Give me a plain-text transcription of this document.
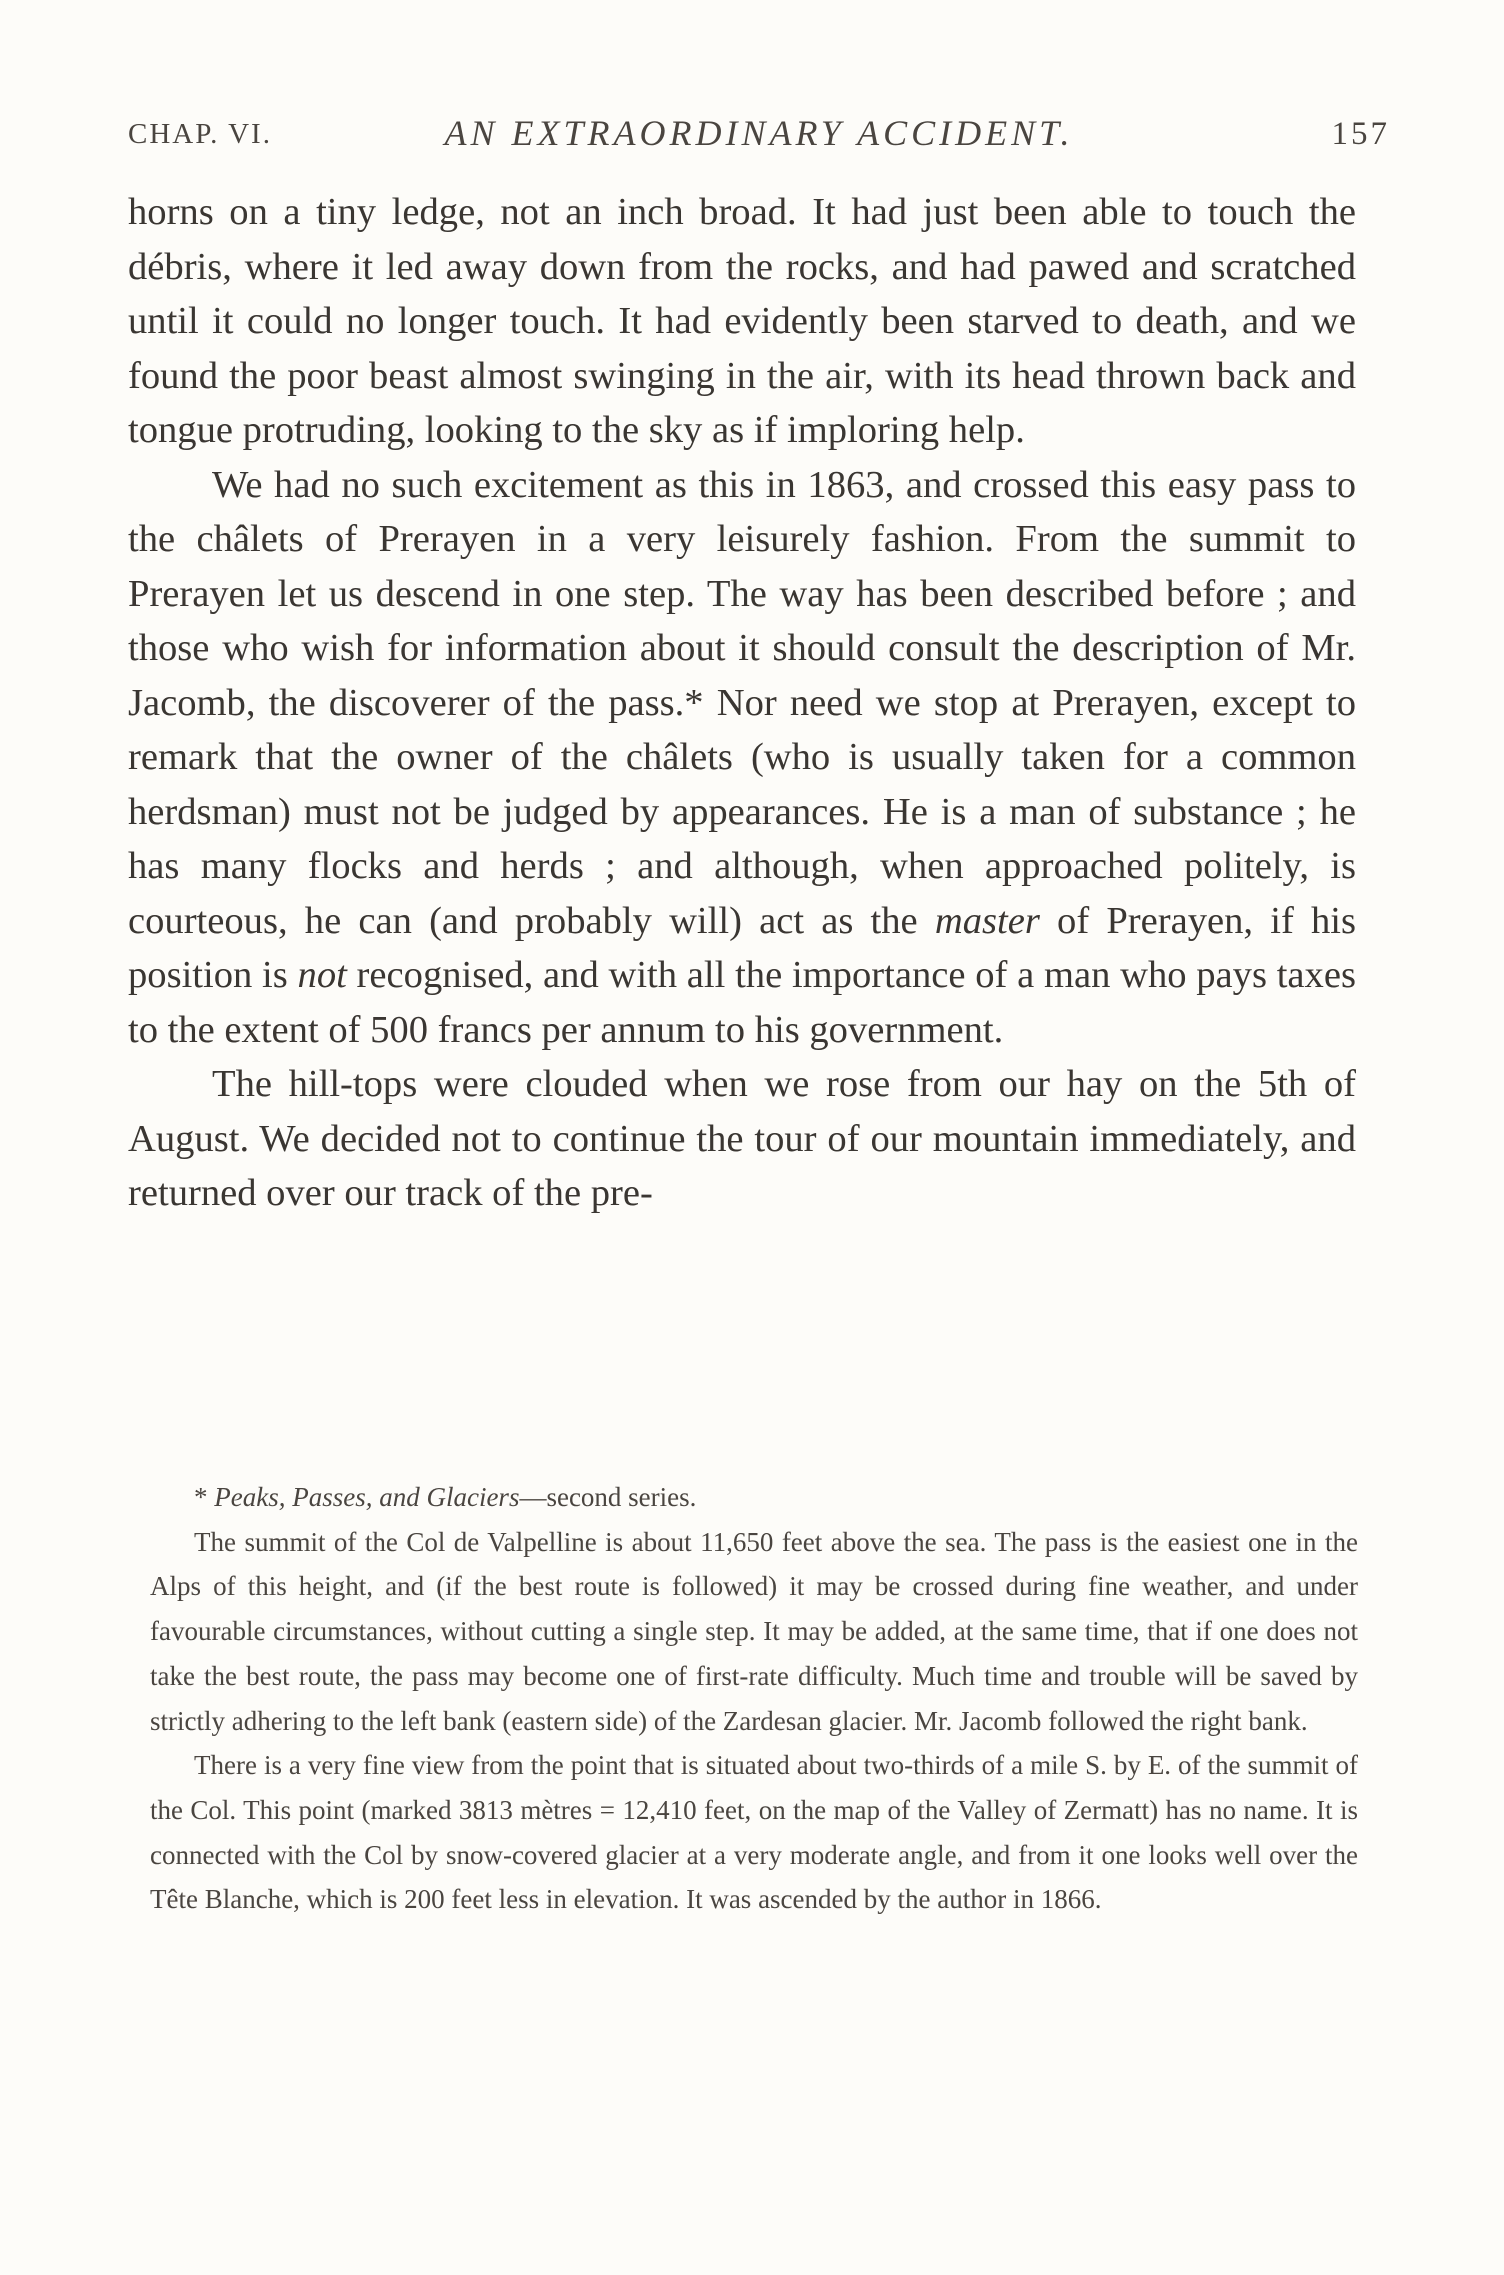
CHAP. VI.	AN EXTRAORDINARY ACCIDENT.	157

horns on a tiny ledge, not an inch broad. It had just been able to touch the débris, where it led away down from the rocks, and had pawed and scratched until it could no longer touch. It had evidently been starved to death, and we found the poor beast almost swinging in the air, with its head thrown back and tongue protruding, looking to the sky as if imploring help.

We had no such excitement as this in 1863, and crossed this easy pass to the châlets of Prerayen in a very leisurely fashion. From the summit to Prerayen let us descend in one step. The way has been described before ; and those who wish for information about it should consult the description of Mr. Jacomb, the discoverer of the pass.* Nor need we stop at Prerayen, except to remark that the owner of the châlets (who is usually taken for a common herdsman) must not be judged by appearances. He is a man of substance ; he has many flocks and herds ; and although, when approached politely, is courteous, he can (and probably will) act as the master of Prerayen, if his position is not recognised, and with all the importance of a man who pays taxes to the extent of 500 francs per annum to his government.

The hill-tops were clouded when we rose from our hay on the 5th of August. We decided not to continue the tour of our mountain immediately, and returned over our track of the pre-

* Peaks, Passes, and Glaciers—second series.

The summit of the Col de Valpelline is about 11,650 feet above the sea. The pass is the easiest one in the Alps of this height, and (if the best route is followed) it may be crossed during fine weather, and under favourable circumstances, without cutting a single step. It may be added, at the same time, that if one does not take the best route, the pass may become one of first-rate difficulty. Much time and trouble will be saved by strictly adhering to the left bank (eastern side) of the Zardesan glacier. Mr. Jacomb followed the right bank.

There is a very fine view from the point that is situated about two-thirds of a mile S. by E. of the summit of the Col. This point (marked 3813 mètres = 12,410 feet, on the map of the Valley of Zermatt) has no name. It is connected with the Col by snow-covered glacier at a very moderate angle, and from it one looks well over the Tête Blanche, which is 200 feet less in elevation. It was ascended by the author in 1866.
